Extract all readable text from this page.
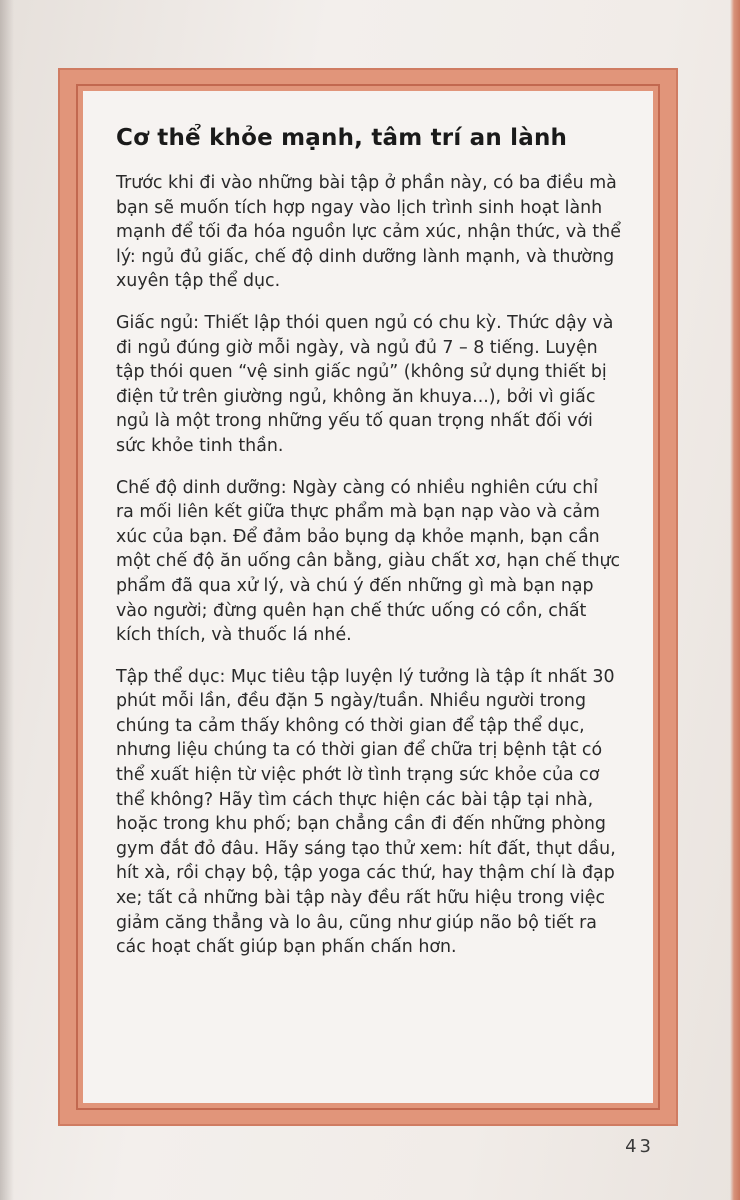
Cơ thể khỏe mạnh, tâm trí an lành

Trước khi đi vào những bài tập ở phần này, có ba điều mà bạn sẽ muốn tích hợp ngay vào lịch trình sinh hoạt lành mạnh để tối đa hóa nguồn lực cảm xúc, nhận thức, và thể lý: ngủ đủ giấc, chế độ dinh dưỡng lành mạnh, và thường xuyên tập thể dục.

Giấc ngủ: Thiết lập thói quen ngủ có chu kỳ. Thức dậy và đi ngủ đúng giờ mỗi ngày, và ngủ đủ 7 – 8 tiếng. Luyện tập thói quen “vệ sinh giấc ngủ” (không sử dụng thiết bị điện tử trên giường ngủ, không ăn khuya...), bởi vì giấc ngủ là một trong những yếu tố quan trọng nhất đối với sức khỏe tinh thần.

Chế độ dinh dưỡng: Ngày càng có nhiều nghiên cứu chỉ ra mối liên kết giữa thực phẩm mà bạn nạp vào và cảm xúc của bạn. Để đảm bảo bụng dạ khỏe mạnh, bạn cần một chế độ ăn uống cân bằng, giàu chất xơ, hạn chế thực phẩm đã qua xử lý, và chú ý đến những gì mà bạn nạp vào người; đừng quên hạn chế thức uống có cồn, chất kích thích, và thuốc lá nhé.

Tập thể dục: Mục tiêu tập luyện lý tưởng là tập ít nhất 30 phút mỗi lần, đều đặn 5 ngày/tuần. Nhiều người trong chúng ta cảm thấy không có thời gian để tập thể dục, nhưng liệu chúng ta có thời gian để chữa trị bệnh tật có thể xuất hiện từ việc phớt lờ tình trạng sức khỏe của cơ thể không? Hãy tìm cách thực hiện các bài tập tại nhà, hoặc trong khu phố; bạn chẳng cần đi đến những phòng gym đắt đỏ đâu. Hãy sáng tạo thử xem: hít đất, thụt dầu, hít xà, rồi chạy bộ, tập yoga các thứ, hay thậm chí là đạp xe; tất cả những bài tập này đều rất hữu hiệu trong việc giảm căng thẳng và lo âu, cũng như giúp não bộ tiết ra các hoạt chất giúp bạn phấn chấn hơn.

43
